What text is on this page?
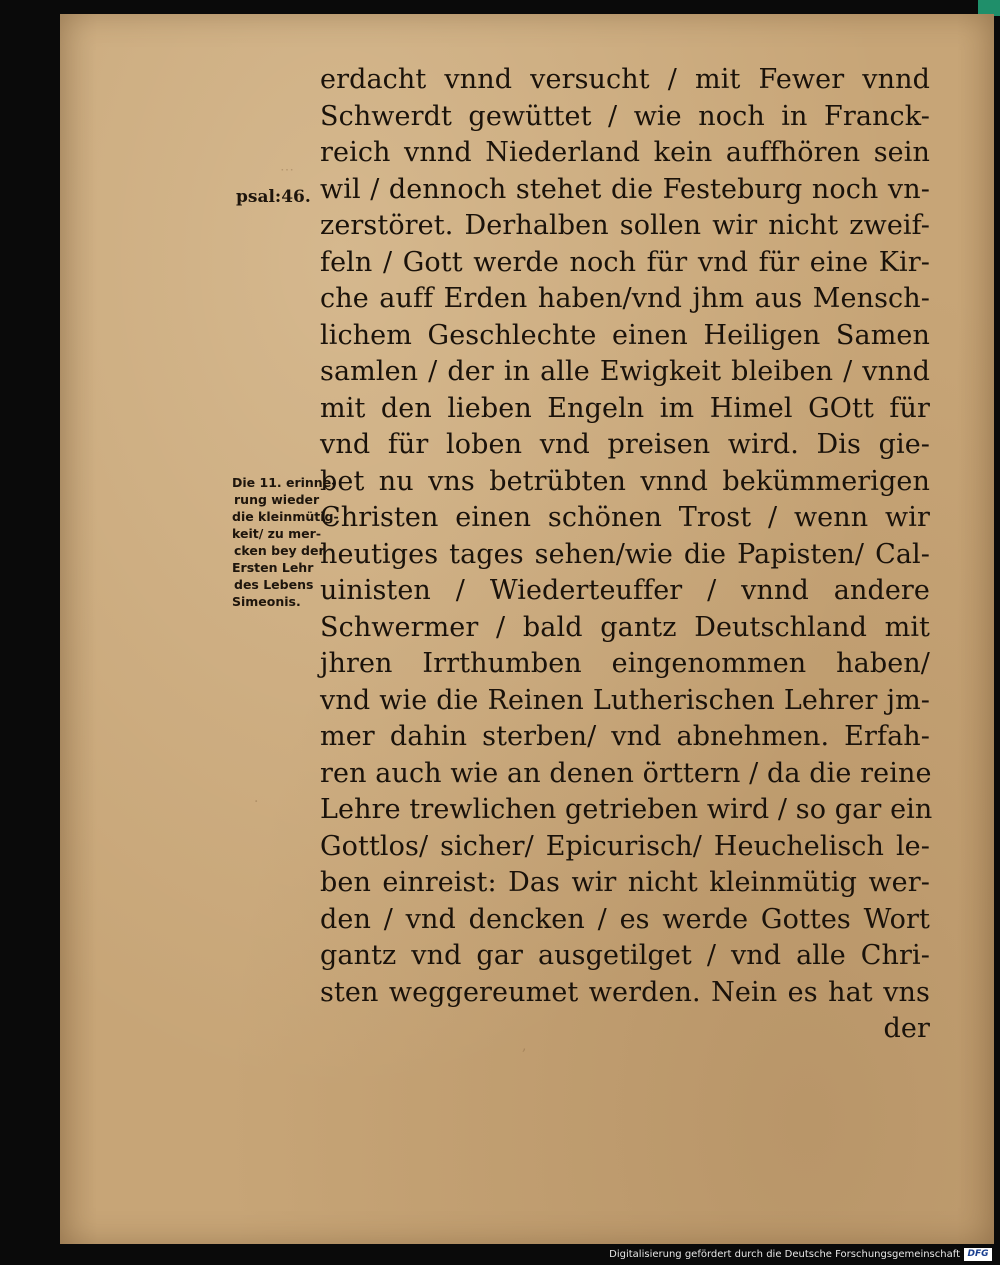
⋯
·
,
psal:46.
Die 11. erinne-
rung wieder
die kleinmütig-
keit/ zu mer-
cken bey der
Ersten Lehr
des Lebens
Simeonis.
erdacht vnnd versucht / mit Fewer vnnd
Schwerdt gewüttet / wie noch in Franck-
reich vnnd Niederland kein auffhören sein
wil / dennoch stehet die Festeburg noch vn-
zerstöret. Derhalben sollen wir nicht zweif-
feln / Gott werde noch für vnd für eine Kir-
che auff Erden haben/vnd jhm aus Mensch-
lichem Geschlechte einen Heiligen Samen
samlen / der in alle Ewigkeit bleiben / vnnd
mit den lieben Engeln im Himel GOtt für
vnd für loben vnd preisen wird. Dis gie-
bet nu vns betrübten vnnd bekümmerigen
Christen einen schönen Trost / wenn wir
heutiges tages sehen/wie die Papisten/ Cal-
uinisten / Wiederteuffer / vnnd andere
Schwermer / bald gantz Deutschland mit
jhren Irrthumben eingenommen haben/
vnd wie die Reinen Lutherischen Lehrer jm-
mer dahin sterben/ vnd abnehmen. Erfah-
ren auch wie an denen örttern / da die reine
Lehre trewlichen getrieben wird / so gar ein
Gottlos/ sicher/ Epicurisch/ Heuchelisch le-
ben einreist: Das wir nicht kleinmütig wer-
den / vnd dencken / es werde Gottes Wort
gantz vnd gar ausgetilget / vnd alle Chri-
sten weggereumet werden. Nein es hat vns
der
Digitalisierung gefördert durch die Deutsche Forschungsgemeinschaft DFG
